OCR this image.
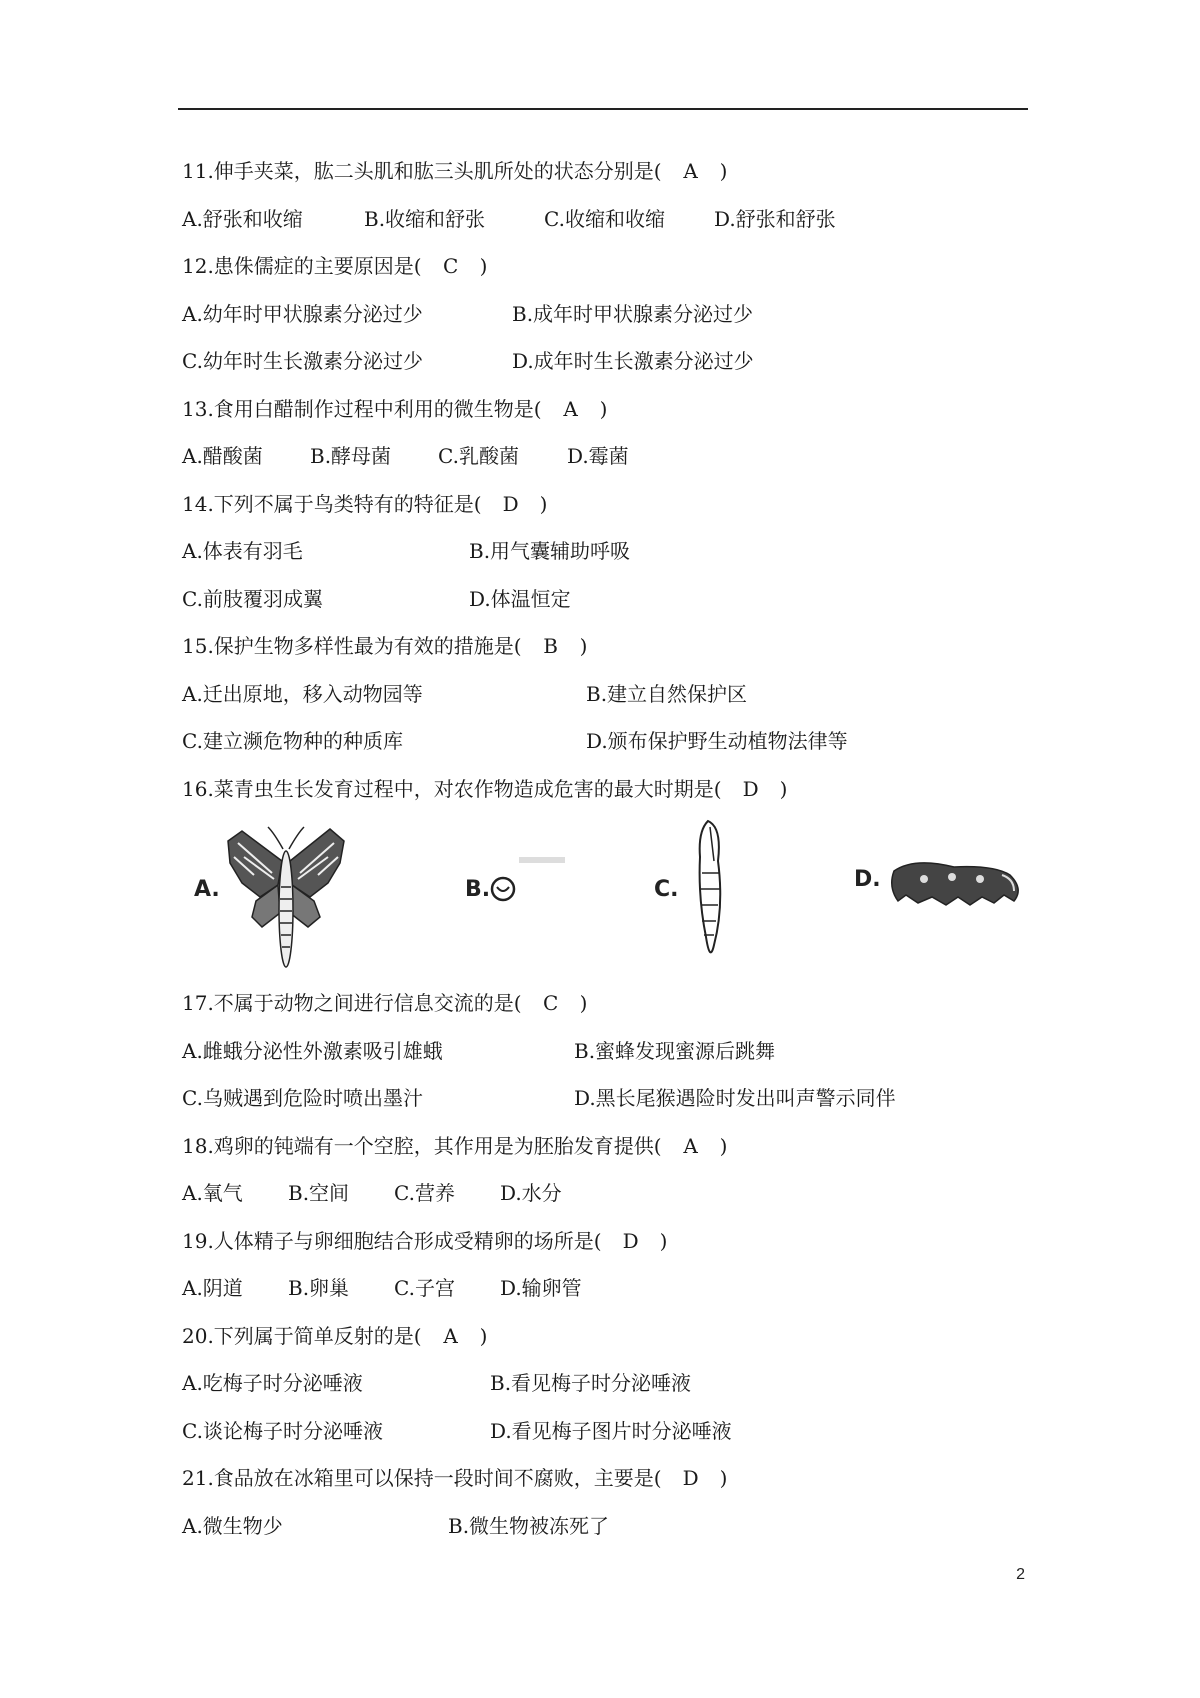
11.伸手夹菜，肱二头肌和肱三头肌所处的状态分别是( A )
A.舒张和收缩	B.收缩和舒张	C.收缩和收缩 D.舒张和舒张
12.患侏儒症的主要原因是( C )
A.幼年时甲状腺素分泌过少	B.成年时甲状腺素分泌过少
C.幼年时生长激素分泌过少	D.成年时生长激素分泌过少
13.食用白醋制作过程中利用的微生物是( A )
A.醋酸菌 B.酵母菌 C.乳酸菌 D.霉菌
14.下列不属于鸟类特有的特征是( D )
A.体表有羽毛	B.用气囊辅助呼吸
C.前肢覆羽成翼	D.体温恒定
15.保护生物多样性最为有效的措施是( B )
A.迁出原地，移入动物园等	B.建立自然保护区
C.建立濒危物种的种质库	D.颁布保护野生动植物法律等
16.菜青虫生长发育过程中，对农作物造成危害的最大时期是( D )
A.	B.	C.	D.
17.不属于动物之间进行信息交流的是( C )
A.雌蛾分泌性外激素吸引雄蛾	B.蜜蜂发现蜜源后跳舞
C.乌贼遇到危险时喷出墨汁	D.黑长尾猴遇险时发出叫声警示同伴
18.鸡卵的钝端有一个空腔，其作用是为胚胎发育提供( A )
A.氧气 B.空间 C.营养 D.水分
19.人体精子与卵细胞结合形成受精卵的场所是( D )
A.阴道 B.卵巢 C.子宫 D.输卵管
20.下列属于简单反射的是( A )
A.吃梅子时分泌唾液	B.看见梅子时分泌唾液
C.谈论梅子时分泌唾液	D.看见梅子图片时分泌唾液
21.食品放在冰箱里可以保持一段时间不腐败，主要是( D )
A.微生物少	B.微生物被冻死了
2
